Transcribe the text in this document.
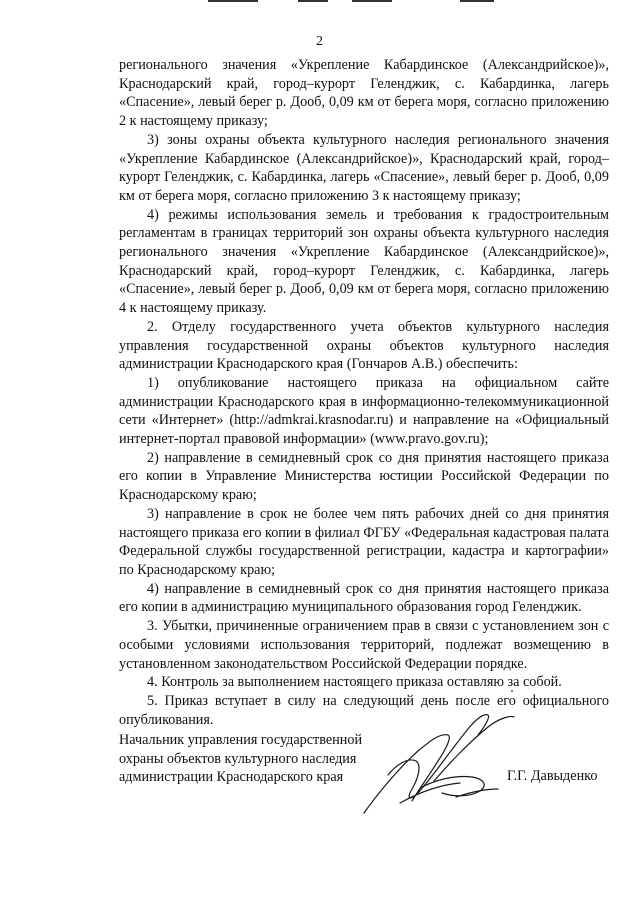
2

регионального значения «Укрепление Кабардинское (Александрийское)», Краснодарский край, город–курорт Геленджик, с. Кабардинка, лагерь «Спасение», левый берег р. Дооб, 0,09 км от берега моря, согласно приложению 2 к настоящему приказу;

3) зоны охраны объекта культурного наследия регионального значения «Укрепление Кабардинское (Александрийское)», Краснодарский край, город–курорт Геленджик, с. Кабардинка, лагерь «Спасение», левый берег р. Дооб, 0,09 км от берега моря, согласно приложению 3 к настоящему приказу;

4) режимы использования земель и требования к градостроительным регламентам в границах территорий зон охраны объекта культурного наследия регионального значения «Укрепление Кабардинское (Александрийское)», Краснодарский край, город–курорт Геленджик, с. Кабардинка, лагерь «Спасение», левый берег р. Дооб, 0,09 км от берега моря, согласно приложению 4 к настоящему приказу.

2. Отделу государственного учета объектов культурного наследия управления государственной охраны объектов культурного наследия администрации Краснодарского края (Гончаров А.В.) обеспечить:

1) опубликование настоящего приказа на официальном сайте администрации Краснодарского края в информационно-телекоммуникационной сети «Интернет» (http://admkrai.krasnodar.ru) и направление на «Официальный интернет-портал правовой информации» (www.pravo.gov.ru);

2) направление в семидневный срок со дня принятия настоящего приказа его копии в Управление Министерства юстиции Российской Федерации по Краснодарскому краю;

3) направление в срок не более чем пять рабочих дней со дня принятия настоящего приказа его копии в филиал ФГБУ «Федеральная кадастровая палата Федеральной службы государственной регистрации, кадастра и картографии» по Краснодарскому краю;

4) направление в семидневный срок со дня принятия настоящего приказа его копии в администрацию муниципального образования город Геленджик.

3. Убытки, причиненные ограничением прав в связи с установлением зон с особыми условиями использования территорий, подлежат возмещению в установленном законодательством Российской Федерации порядке.

4. Контроль за выполнением настоящего приказа оставляю за собой.

5. Приказ вступает в силу на следующий день после его официального опубликования.

Начальник управления государственной
охраны объектов культурного наследия
администрации Краснодарского края	Г.Г. Давыденко
